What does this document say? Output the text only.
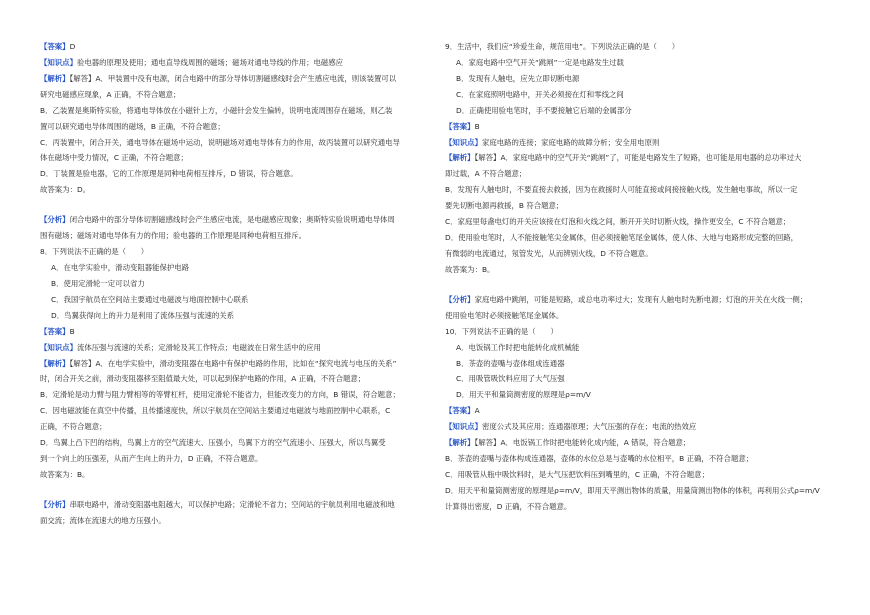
【答案】D

【知识点】验电器的原理及使用；通电直导线周围的磁场；磁场对通电导线的作用；电磁感应

【解析】【解答】A．甲装置中没有电源，闭合电路中的部分导体切割磁感线时会产生感应电流，则该装置可以

研究电磁感应现象，A 正确，不符合题意；

B．乙装置是奥斯特实验，将通电导体放在小磁针上方，小磁针会发生偏转，说明电流周围存在磁场，则乙装

置可以研究通电导体周围的磁场，B 正确，不符合题意；

C．丙装置中，闭合开关，通电导体在磁场中运动，说明磁场对通电导体有力的作用，故丙装置可以研究通电导

体在磁场中受力情况，C 正确，不符合题意；

D．丁装置是验电器，它的工作原理是同种电荷相互排斥，D 错误，符合题意。

故答案为：D。

【分析】闭合电路中的部分导体切割磁感线时会产生感应电流，是电磁感应现象；奥斯特实验说明通电导体周

围有磁场；磁场对通电导体有力的作用；验电器的工作原理是同种电荷相互排斥。

8．下列说法不正确的是（　　）

A．在电学实验中，滑动变阻器能保护电路

B．使用定滑轮一定可以省力

C．我国宇航员在空间站主要通过电磁波与地面控制中心联系

D．鸟翼获得向上的升力是利用了流体压强与流速的关系

【答案】B

【知识点】流体压强与流速的关系；定滑轮及其工作特点；电磁波在日常生活中的应用

【解析】【解答】A．在电学实验中，滑动变阻器在电路中有保护电路的作用，比如在“探究电流与电压的关系”

时，闭合开关之前，滑动变阻器移至阻值最大处，可以起到保护电路的作用，A 正确，不符合题意；

B．定滑轮是动力臂与阻力臂相等的等臂杠杆，使用定滑轮不能省力，但能改变力的方向，B 错误，符合题意；

C．因电磁波能在真空中传播，且传播速度快，所以宇航员在空间站主要通过电磁波与地面控制中心联系，C

正确，不符合题意；

D．鸟翼上凸下凹的结构，鸟翼上方的空气流速大、压强小，鸟翼下方的空气流速小、压强大，所以鸟翼受

到一个向上的压强差，从而产生向上的升力，D 正确，不符合题意。

故答案为：B。

【分析】串联电路中，滑动变阻器电阻越大，可以保护电路；定滑轮不省力；空间站的宇航员利用电磁波和地

面交流；流体在流速大的地方压强小。

9．生活中，我们应“珍爱生命，规范用电”。下列说法正确的是（　　）

A．家庭电路中空气开关“跳闸”一定是电路发生过载

B．发现有人触电，应先立即切断电源

C．在家庭照明电路中，开关必须接在灯和零线之间

D．正确使用验电笔时，手不要接触它后端的金属部分

【答案】B

【知识点】家庭电路的连接；家庭电路的故障分析；安全用电原则

【解析】【解答】A．家庭电路中的空气开关“跳闸”了，可能是电路发生了短路，也可能是用电器的总功率过大

即过载，A 不符合题意；

B．发现有人触电时，不要直接去救援，因为在救援时人可能直接或间接接触火线，发生触电事故，所以一定

要先切断电源再救援，B 符合题意；

C．家庭里每盏电灯的开关应该接在灯泡和火线之间，断开开关时切断火线，操作更安全，C 不符合题意；

D．使用验电笔时，人不能接触笔尖金属体，但必须接触笔尾金属体，使人体、大地与电路形成完整的回路，

有微弱的电流通过，氖管发光，从而辨别火线，D 不符合题意。

故答案为：B。

【分析】家庭电路中跳闸，可能是短路，或总电功率过大；发现有人触电时先断电源；灯泡的开关在火线一侧；

使用验电笔时必须接触笔尾金属体。

10．下列说法不正确的是（　　）

A．电饭锅工作时把电能转化成机械能

B．茶壶的壶嘴与壶体组成连通器

C．用吸管吸饮料应用了大气压强

D．用天平和量筒测密度的原理是ρ=m/V

【答案】A

【知识点】密度公式及其应用；连通器原理；大气压强的存在；电流的热效应

【解析】【解答】A．电饭锅工作时把电能转化成内能，A 错误，符合题意；

B．茶壶的壶嘴与壶体构成连通器，壶体的水位总是与壶嘴的水位相平，B 正确，不符合题意；

C．用吸管从瓶中吸饮料时，是大气压把饮料压到嘴里的，C 正确，不符合题意；

D．用天平和量筒测密度的原理是ρ=m/V，即用天平测出物体的质量，用量筒测出物体的体积，再利用公式ρ=m/V

计算得出密度，D 正确，不符合题意。
